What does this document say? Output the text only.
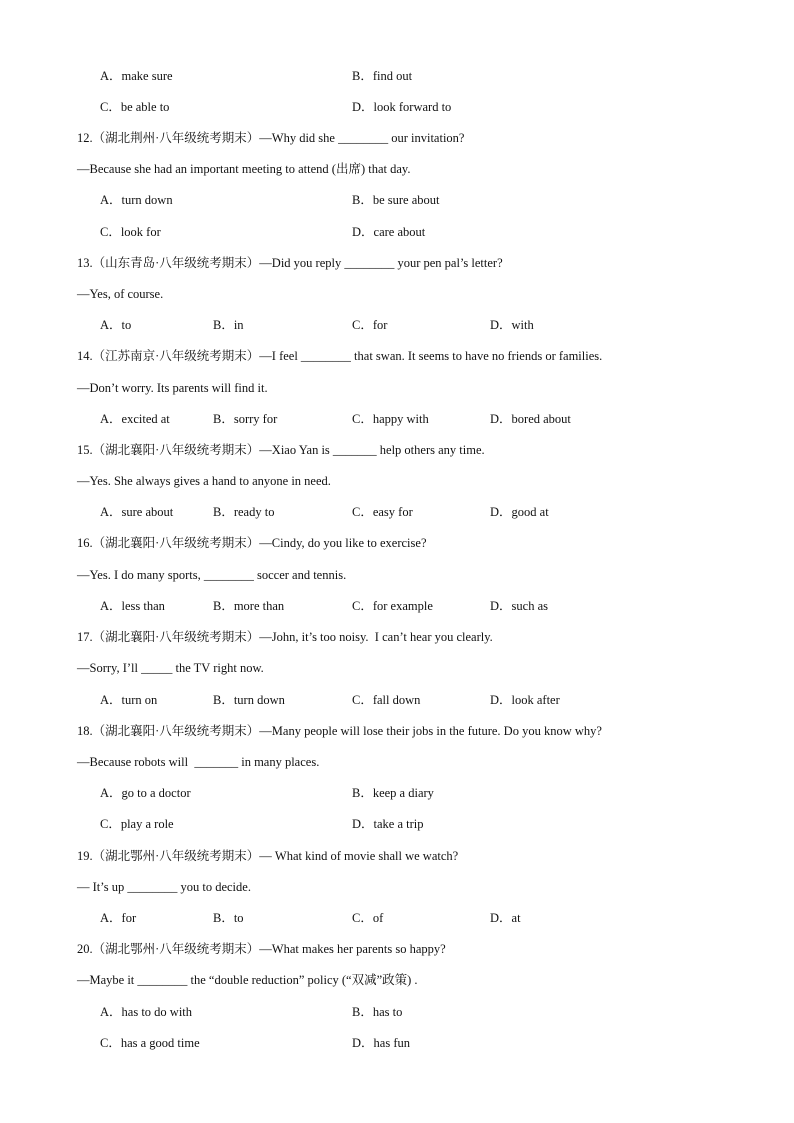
A．make sure	B．find out
C．be able to	D．look forward to
12.（湖北荆州·八年级统考期末）—Why did she ________ our invitation?
—Because she had an important meeting to attend (出席) that day.
A．turn down	B．be sure about
C．look for	D．care about
13.（山东青岛·八年级统考期末）—Did you reply ________ your pen pal’s letter?
—Yes, of course.
A．to	B．in	C．for	D．with
14.（江苏南京·八年级统考期末）—I feel ________ that swan. It seems to have no friends or families.
—Don’t worry. Its parents will find it.
A．excited at	B．sorry for	C．happy with	D．bored about
15.（湖北襄阳·八年级统考期末）—Xiao Yan is _______ help others any time.
—Yes. She always gives a hand to anyone in need.
A．sure about	B．ready to	C．easy for	D．good at
16.（湖北襄阳·八年级统考期末）—Cindy, do you like to exercise?
—Yes. I do many sports, ________ soccer and tennis.
A．less than	B．more than	C．for example	D．such as
17.（湖北襄阳·八年级统考期末）—John, it’s too noisy.  I can’t hear you clearly.
—Sorry, I’ll _____ the TV right now.
A．turn on	B．turn down	C．fall down	D．look after
18.（湖北襄阳·八年级统考期末）—Many people will lose their jobs in the future. Do you know why?
—Because robots will  _______ in many places.
A．go to a doctor	B．keep a diary
C．play a role	D．take a trip
19.（湖北鄂州·八年级统考期末）— What kind of movie shall we watch?
— It’s up ________ you to decide.
A．for	B．to	C．of	D．at
20.（湖北鄂州·八年级统考期末）—What makes her parents so happy?
—Maybe it ________ the “double reduction” policy (“双减”政策) .
A．has to do with	B．has to
C．has a good time	D．has fun
